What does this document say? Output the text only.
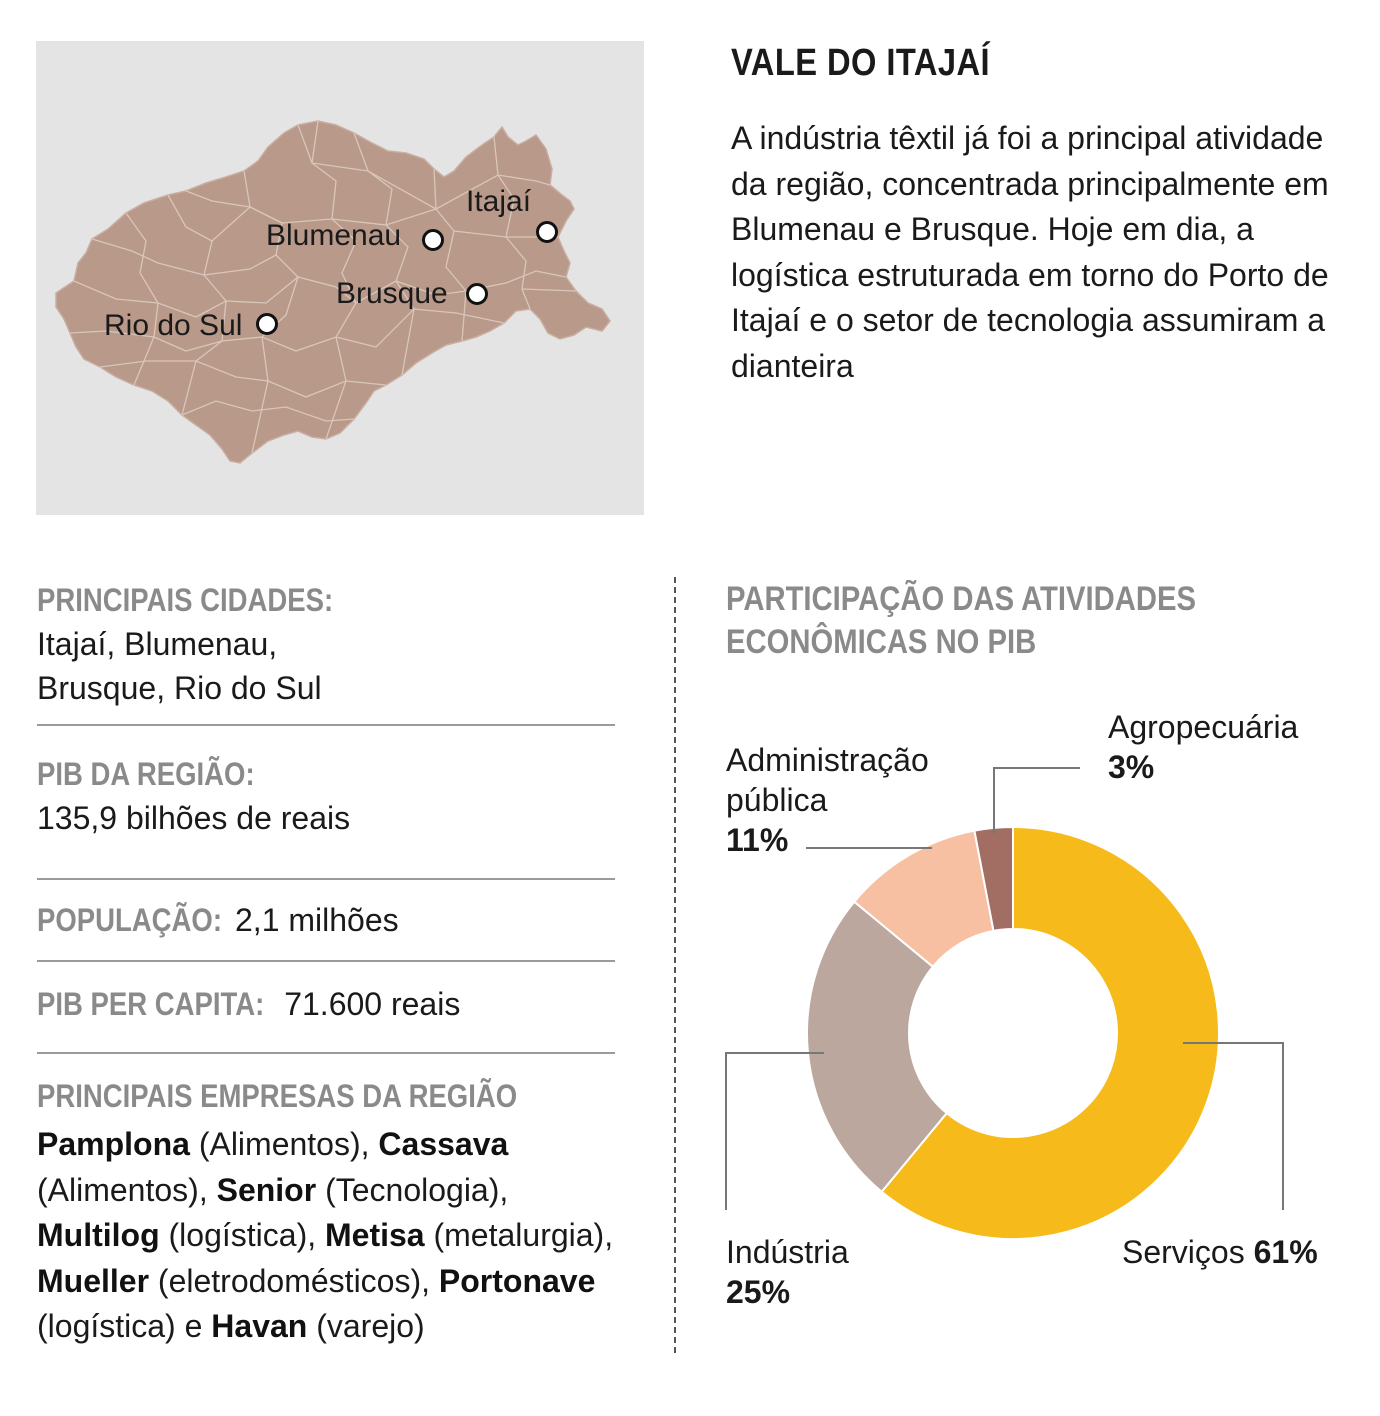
Itajaí
Blumenau
Brusque
Rio do Sul
VALE DO ITAJAÍ

A indústria têxtil já foi a principal atividade da região, concentrada principalmente em Blumenau e Brusque. Hoje em dia, a logística estruturada em torno do Porto de Itajaí e o setor de tecnologia assumiram a dianteira

PRINCIPAIS CIDADES:
Itajaí, Blumenau,
Brusque, Rio do Sul
PIB DA REGIÃO:
135,9 bilhões de reais
POPULAÇÃO: 2,1 milhões
PIB PER CAPITA: 71.600 reais
PRINCIPAIS EMPRESAS DA REGIÃO
Pamplona (Alimentos), Cassava (Alimentos), Senior (Tecnologia), Multilog (logística), Metisa (metalurgia), Mueller (eletrodomésticos), Portonave (logística) e Havan (varejo)
PARTICIPAÇÃO DAS ATIVIDADES ECONÔMICAS NO PIB
Agropecuária
3%
Administração pública
11%
Indústria
25%
Serviços 61%
